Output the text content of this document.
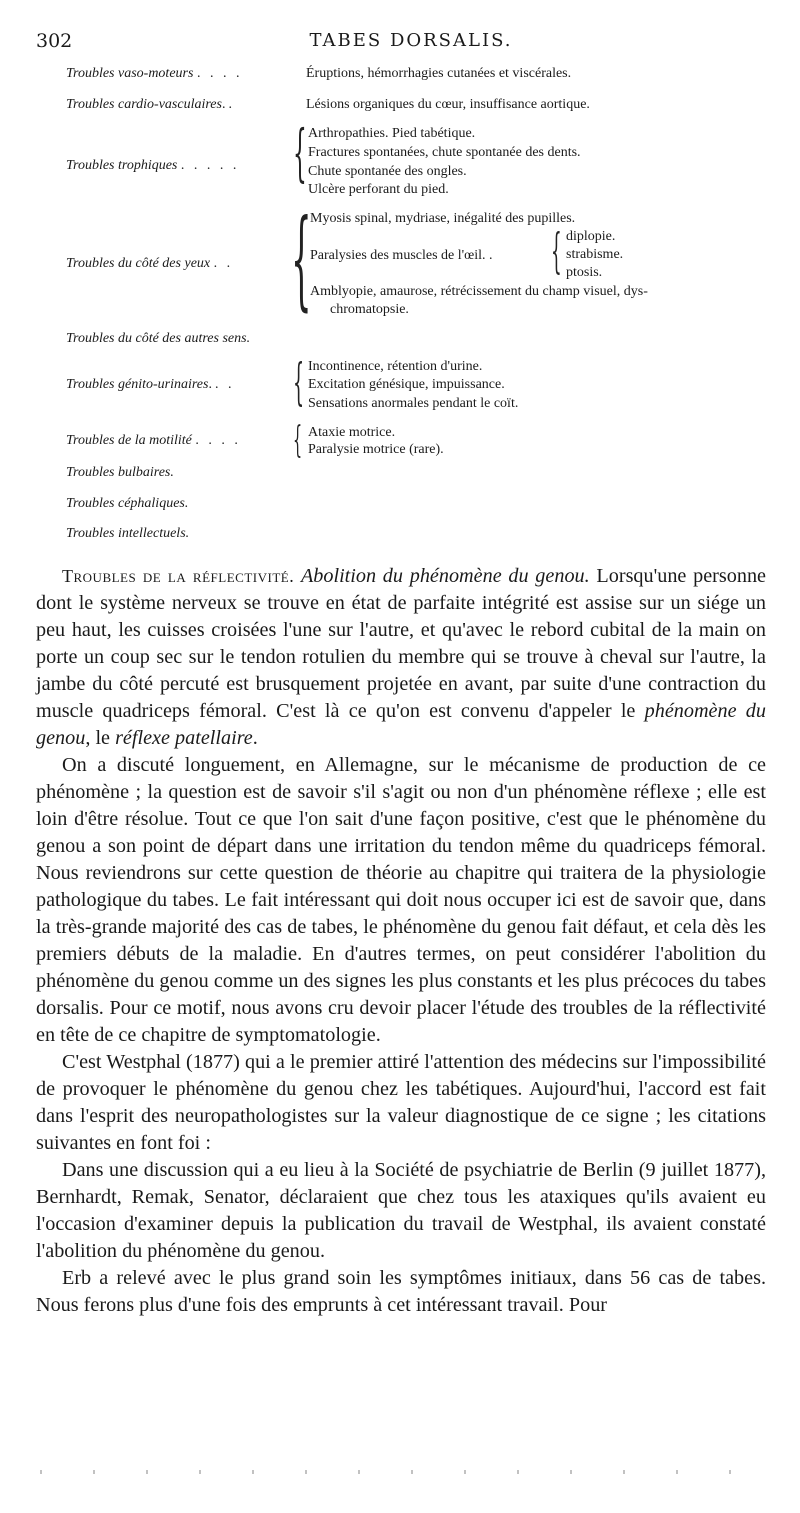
302	TABES DORSALIS.
Troubles vaso-moteurs . . . .	Éruptions, hémorrhagies cutanées et viscérales.
Troubles cardio-vasculaires..	Lésions organiques du cœur, insuffisance aortique.
Troubles trophiques . . . . . { Arthropathies. Pied tabétique.
Fractures spontanées, chute spontanée des dents.
Chute spontanée des ongles.
Ulcère perforant du pied.
Troubles du côté des yeux . . {
Myosis spinal, mydriase, inégalité des pupilles.
Paralysies des muscles de l'œil. . { diplopie.
strabisme.
ptosis.
Amblyopie, amaurose, rétrécissement du champ visuel, dys-
chromatopsie.
Troubles du côté des autres sens.
Troubles génito-urinaires.. . { Incontinence, rétention d'urine.
Excitation génésique, impuissance.
Sensations anormales pendant le coït.
Troubles de la motilité . . . . { Ataxie motrice.
Paralysie motrice (rare).
Troubles bulbaires.
Troubles céphaliques.
Troubles intellectuels.

Troubles de la réflectivité. Abolition du phénomène du genou. Lorsqu'une personne dont le système nerveux se trouve en état de parfaite intégrité est assise sur un siége un peu haut, les cuisses croisées l'une sur l'autre, et qu'avec le rebord cubital de la main on porte un coup sec sur le tendon rotulien du membre qui se trouve à cheval sur l'autre, la jambe du côté percuté est brusquement projetée en avant, par suite d'une contraction du muscle quadriceps fémoral. C'est là ce qu'on est convenu d'appeler le phénomène du genou, le réflexe patellaire.

On a discuté longuement, en Allemagne, sur le mécanisme de production de ce phénomène ; la question est de savoir s'il s'agit ou non d'un phénomène réflexe ; elle est loin d'être résolue. Tout ce que l'on sait d'une façon positive, c'est que le phénomène du genou a son point de départ dans une irritation du tendon même du quadriceps fémoral. Nous reviendrons sur cette question de théorie au chapitre qui traitera de la physiologie pathologique du tabes. Le fait intéressant qui doit nous occuper ici est de savoir que, dans la très-grande majorité des cas de tabes, le phénomène du genou fait défaut, et cela dès les premiers débuts de la maladie. En d'autres termes, on peut considérer l'abolition du phénomène du genou comme un des signes les plus constants et les plus précoces du tabes dorsalis. Pour ce motif, nous avons cru devoir placer l'étude des troubles de la réflectivité en tête de ce chapitre de symptomatologie.

C'est Westphal (1877) qui a le premier attiré l'attention des médecins sur l'impossibilité de provoquer le phénomène du genou chez les tabétiques. Aujourd'hui, l'accord est fait dans l'esprit des neuropathologistes sur la valeur diagnostique de ce signe ; les citations suivantes en font foi :

Dans une discussion qui a eu lieu à la Société de psychiatrie de Berlin (9 juillet 1877), Bernhardt, Remak, Senator, déclaraient que chez tous les ataxiques qu'ils avaient eu l'occasion d'examiner depuis la publication du travail de Westphal, ils avaient constaté l'abolition du phénomène du genou.

Erb a relevé avec le plus grand soin les symptômes initiaux, dans 56 cas de tabes. Nous ferons plus d'une fois des emprunts à cet intéressant travail. Pour
